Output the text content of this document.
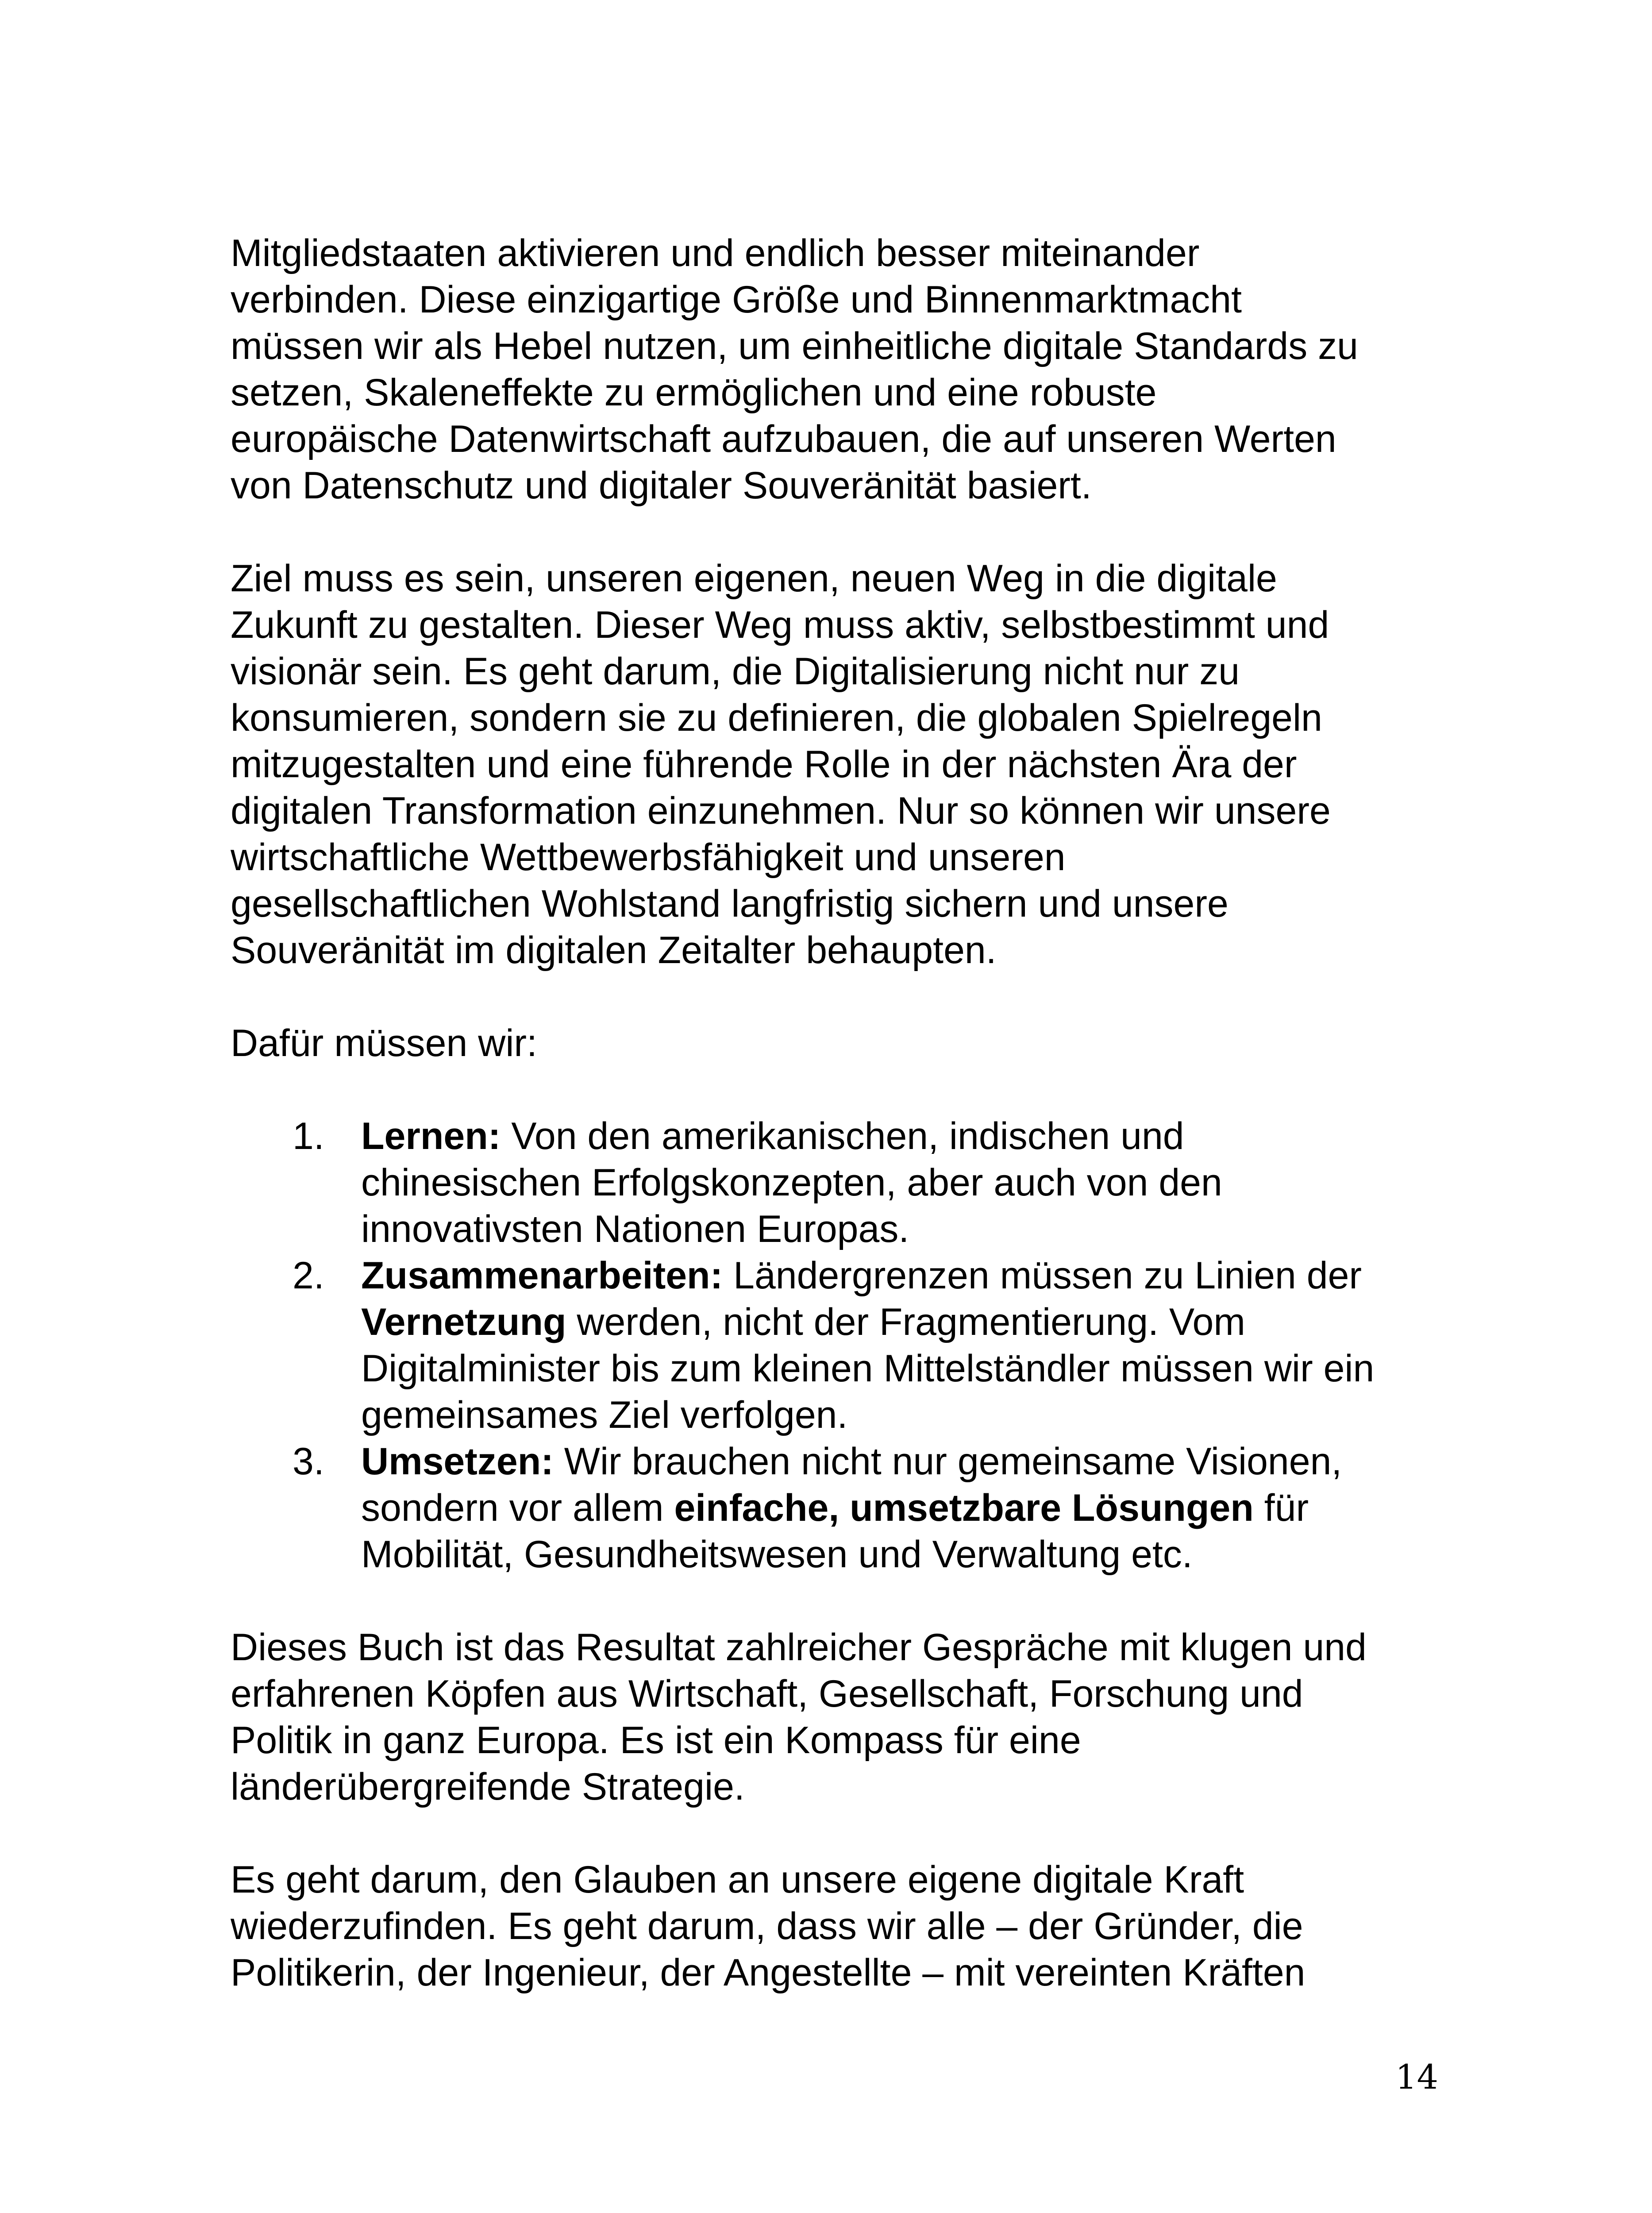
Mitgliedstaaten aktivieren und endlich besser miteinander
verbinden. Diese einzigartige Größe und Binnenmarktmacht
müssen wir als Hebel nutzen, um einheitliche digitale Standards zu
setzen, Skaleneffekte zu ermöglichen und eine robuste
europäische Datenwirtschaft aufzubauen, die auf unseren Werten
von Datenschutz und digitaler Souveränität basiert.

Ziel muss es sein, unseren eigenen, neuen Weg in die digitale
Zukunft zu gestalten. Dieser Weg muss aktiv, selbstbestimmt und
visionär sein. Es geht darum, die Digitalisierung nicht nur zu
konsumieren, sondern sie zu definieren, die globalen Spielregeln
mitzugestalten und eine führende Rolle in der nächsten Ära der
digitalen Transformation einzunehmen. Nur so können wir unsere
wirtschaftliche Wettbewerbsfähigkeit und unseren
gesellschaftlichen Wohlstand langfristig sichern und unsere
Souveränität im digitalen Zeitalter behaupten.

Dafür müssen wir:

1. Lernen: Von den amerikanischen, indischen und
chinesischen Erfolgskonzepten, aber auch von den
innovativsten Nationen Europas.
2. Zusammenarbeiten: Ländergrenzen müssen zu Linien der
Vernetzung werden, nicht der Fragmentierung. Vom
Digitalminister bis zum kleinen Mittelständler müssen wir ein
gemeinsames Ziel verfolgen.
3. Umsetzen: Wir brauchen nicht nur gemeinsame Visionen,
sondern vor allem einfache, umsetzbare Lösungen für
Mobilität, Gesundheitswesen und Verwaltung etc.

Dieses Buch ist das Resultat zahlreicher Gespräche mit klugen und
erfahrenen Köpfen aus Wirtschaft, Gesellschaft, Forschung und
Politik in ganz Europa. Es ist ein Kompass für eine
länderübergreifende Strategie.

Es geht darum, den Glauben an unsere eigene digitale Kraft
wiederzufinden. Es geht darum, dass wir alle – der Gründer, die
Politikerin, der Ingenieur, der Angestellte – mit vereinten Kräften

14
